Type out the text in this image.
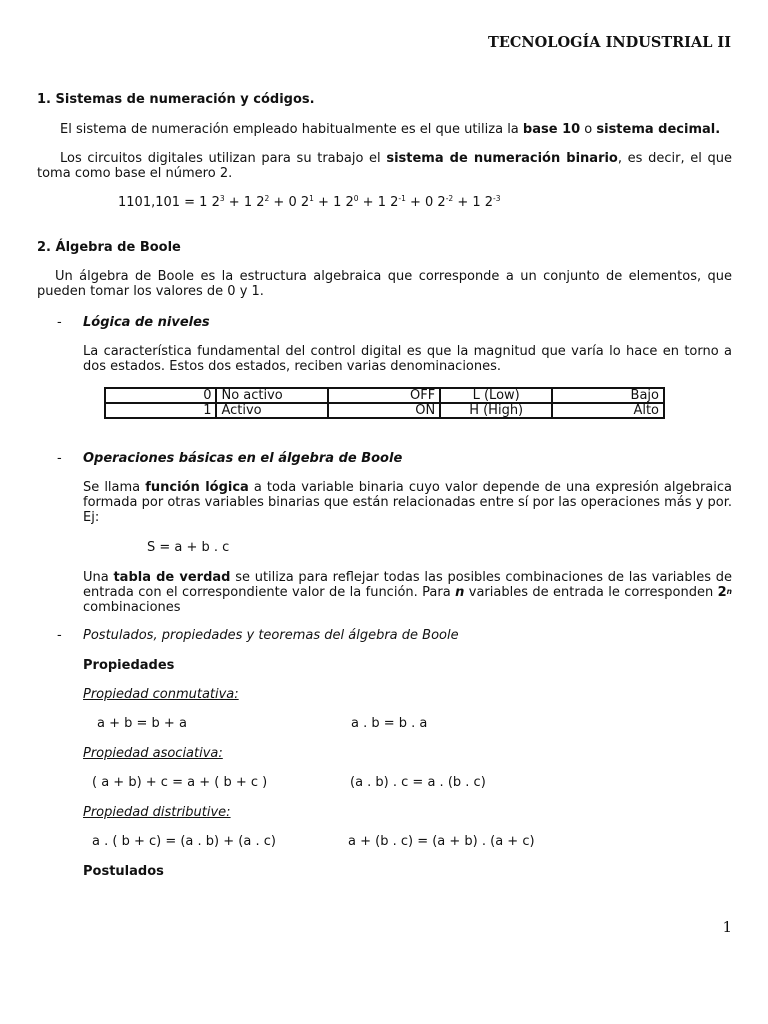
TECNOLOGÍA INDUSTRIAL II
1. Sistemas de numeración y códigos.
El sistema de numeración empleado habitualmente es el que utiliza la base 10 o sistema decimal.
Los circuitos digitales utilizan para su trabajo el sistema de numeración binario, es decir, el que toma como base el número 2.
1101,101 = 1 $2^3 + 1$ $2^2 + 0$ $2^1 + 1$ $2^0 + 1$ $2^{-1} + 0$ $2^{-2} + 1$ $2^{-3}$
2. Álgebra de Boole
Un álgebra de Boole es la estructura algebraica que corresponde a un conjunto de elementos, que pueden tomar los valores de 0 y 1.
- Lógica de niveles
La característica fundamental del control digital es que la magnitud que varía lo hace en torno a dos estados. Estos dos estados, reciben varias denominaciones.
0	No activo	OFF	L (Low)	Bajo
1	Activo	ON	H (High)	Alto
- Operaciones básicas en el álgebra de Boole
Se llama función lógica a toda variable binaria cuyo valor depende de una expresión algebraica formada por otras variables binarias que están relacionadas entre sí por las operaciones más y por. Ej:
S = a + b . c
Una tabla de verdad se utiliza para reflejar todas las posibles combinaciones de las variables de entrada con el correspondiente valor de la función. Para n variables de entrada le corresponden 2$^n$ combinaciones
- Postulados, propiedades y teoremas del álgebra de Boole
Propiedades
Propiedad conmutativa:
a + b = b + a	a . b = b . a
Propiedad asociativa:
( a + b) + c = a + ( b + c )	(a . b) . c = a . (b . c)
Propiedad distributive:
a . ( b + c) = (a . b) + (a . c)	a + (b . c) = (a + b) . (a + c)
Postulados
1
